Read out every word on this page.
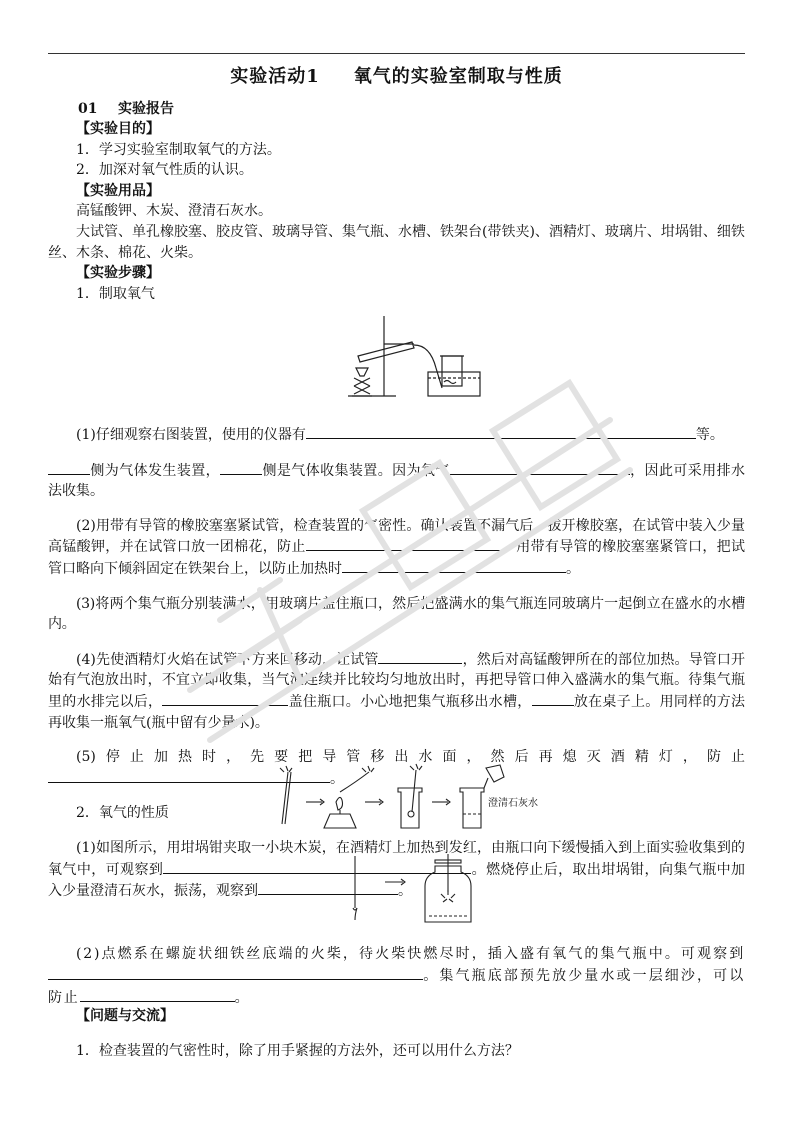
实验活动1 氧气的实验室制取与性质
01 实验报告

【实验目的】

1．学习实验室制取氧气的方法。

2．加深对氧气性质的认识。

【实验用品】

高锰酸钾、木炭、澄清石灰水。

大试管、单孔橡胶塞、胶皮管、玻璃导管、集气瓶、水槽、铁架台(带铁夹)、酒精灯、玻璃片、坩埚钳、细铁丝、木条、棉花、火柴。

【实验步骤】

1．制取氧气

(1)仔细观察右图装置，使用的仪器有	等。

侧为气体发生装置，	侧是气体收集装置。因为氧气	，因此可采用排水法收集。

(2)用带有导管的橡胶塞塞紧试管，检查装置的气密性。确认装置不漏气后，拔开橡胶塞，在试管中装入少量高锰酸钾，并在试管口放一团棉花，防止	。用带有导管的橡胶塞塞紧管口，把试管口略向下倾斜固定在铁架台上，以防止加热时	。

(3)将两个集气瓶分别装满水，用玻璃片盖住瓶口，然后把盛满水的集气瓶连同玻璃片一起倒立在盛水的水槽内。

(4)先使酒精灯火焰在试管下方来回移动，让试管	，然后对高锰酸钾所在的部位加热。导管口开始有气泡放出时，不宜立即收集，当气泡连续并比较均匀地放出时，再把导管口伸入盛满水的集气瓶。待集气瓶里的水排完以后，	盖住瓶口。小心地把集气瓶移出水槽，	放在桌子上。用同样的方法再收集一瓶氧气(瓶中留有少量水)。

(5)停止加热时，先要把导管移出水面，然后再熄灭酒精灯，防止。

2．氧气的性质

(1)如图所示，用坩埚钳夹取一小块木炭，在酒精灯上加热到发红，由瓶口向下缓慢插入到上面实验收集到的氧气中，可观察到	。燃烧停止后，取出坩埚钳，向集气瓶中加入少量澄清石灰水，振荡，观察到	。

澄清石灰水

(2)点燃系在螺旋状细铁丝底端的火柴，待火柴快燃尽时，插入盛有氧气的集气瓶中。可观察到。集气瓶底部预先放少量水或一层细沙，可以防止	。

【问题与交流】

1．检查装置的气密性时，除了用手紧握的方法外，还可以用什么方法？
